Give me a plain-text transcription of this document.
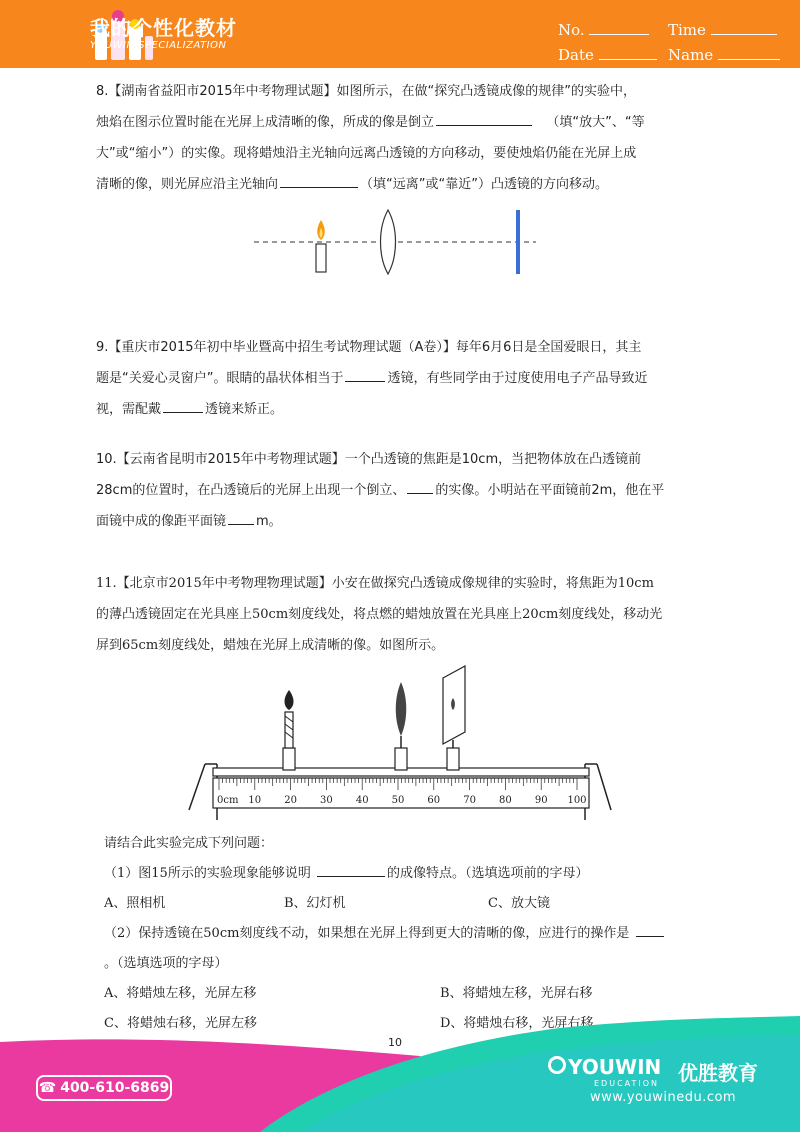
我的个性化教材
YOUWIN SPECIALIZATION
No.	Time
Date	Name
8.【湖南省益阳市2015年中考物理试题】如图所示，在做“探究凸透镜成像的规律”的实验中，
烛焰在图示位置时能在光屏上成清晰的像，所成的像是倒立	（填“放大”、“等
大”或“缩小”）的实像。现将蜡烛沿主光轴向远离凸透镜的方向移动，要使烛焰仍能在光屏上成
清晰的像，则光屏应沿主光轴向	（填“远离”或“靠近”）凸透镜的方向移动。
9.【重庆市2015年初中毕业暨高中招生考试物理试题（A卷）】每年6月6日是全国爱眼日，其主
题是“关爱心灵窗户”。眼睛的晶状体相当于	透镜，有些同学由于过度使用电子产品导致近
视，需配戴	透镜来矫正。
10.【云南省昆明市2015年中考物理试题】一个凸透镜的焦距是10cm，当把物体放在凸透镜前
28cm的位置时，在凸透镜后的光屏上出现一个倒立、 的实像。小明站在平面镜前2m，他在平
面镜中成的像距平面镜 m。
11.【北京市2015年中考物理物理试题】小安在做探究凸透镜成像规律的实验时，将焦距为10cm
的薄凸透镜固定在光具座上50cm刻度线处，将点燃的蜡烛放置在光具座上20cm刻度线处，移动光
屏到65cm刻度线处，蜡烛在光屏上成清晰的像。如图所示。
0cm 10 20 30 40 50 60 70 80 90 100
请结合此实验完成下列问题：
（1）图15所示的实验现象能够说明	的成像特点。（选填选项前的字母）
A、照相机	B、幻灯机	C、放大镜
（2）保持透镜在50cm刻度线不动，如果想在光屏上得到更大的清晰的像，应进行的操作是
。（选填选项的字母）
A、将蜡烛左移，光屏左移	B、将蜡烛左移，光屏右移
C、将蜡烛右移，光屏左移	D、将蜡烛右移，光屏右移
10
☎ 400-610-6869
YOUWIN
EDUCATION 优胜教育
www.youwinedu.com
